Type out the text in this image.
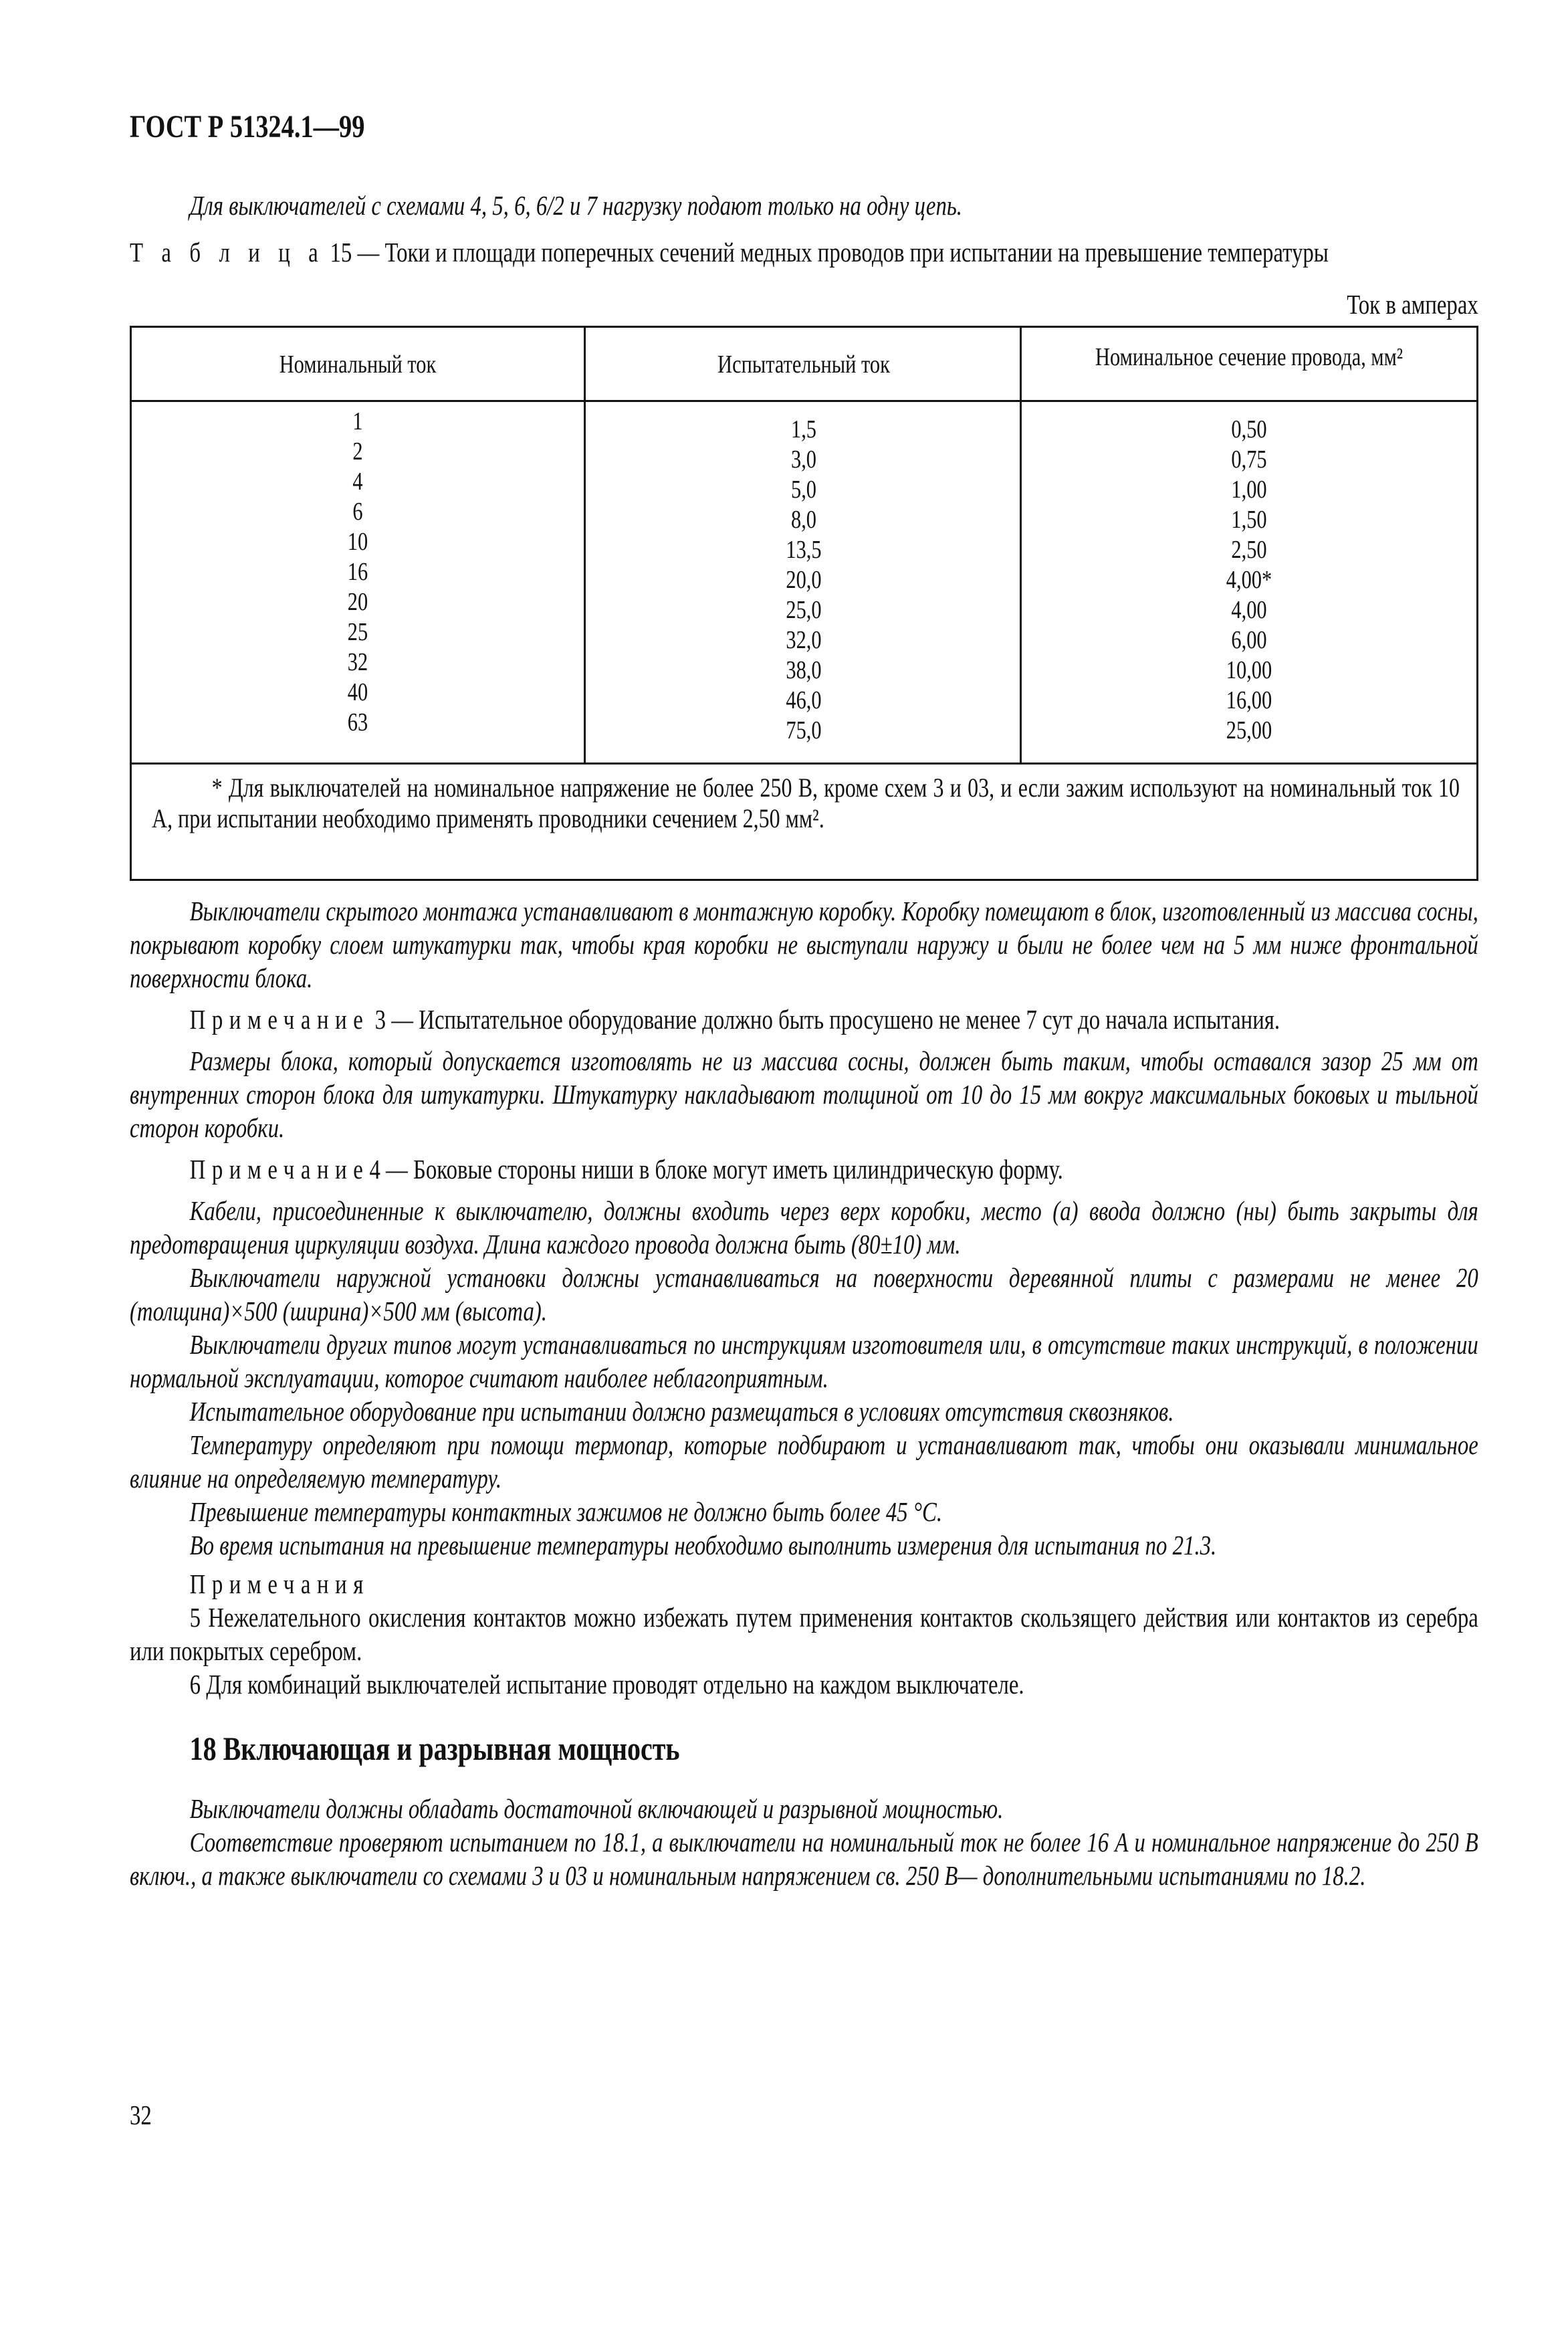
ГОСТ Р 51324.1—99

Для выключателей с схемами 4, 5, 6, 6/2 и 7 нагрузку подают только на одну цепь.

Т а б л и ц а 15 — Токи и площади поперечных сечений медных проводов при испытании на превышение температуры
Ток в амперах
Номинальный ток	Испытательный ток	Номинальное сечение провода, мм²
1
2
4
6
10
16
20
25
32
40
63
1,5
3,0
5,0
8,0
13,5
20,0
25,0
32,0
38,0
46,0
75,0
0,50
0,75
1,00
1,50
2,50
4,00*
4,00
6,00
10,00
16,00
25,00

* Для выключателей на номинальное напряжение не более 250 В, кроме схем 3 и 03, и если зажим используют на номинальный ток 10 А, при испытании необходимо применять проводники сечением 2,50 мм².

Выключатели скрытого монтажа устанавливают в монтажную коробку. Коробку помещают в блок, изготовленный из массива сосны, покрывают коробку слоем штукатурки так, чтобы края коробки не выступали наружу и были не более чем на 5 мм ниже фронтальной поверхности блока.

Примечание 3 — Испытательное оборудование должно быть просушено не менее 7 сут до начала испытания.

Размеры блока, который допускается изготовлять не из массива сосны, должен быть таким, чтобы оставался зазор 25 мм от внутренних сторон блока для штукатурки. Штукатурку накладывают толщиной от 10 до 15 мм вокруг максимальных боковых и тыльной сторон коробки.

Примечание4 — Боковые стороны ниши в блоке могут иметь цилиндрическую форму.

Кабели, присоединенные к выключателю, должны входить через верх коробки, место (а) ввода должно (ны) быть закрыты для предотвращения циркуляции воздуха. Длина каждого провода должна быть (80±10) мм.

Выключатели наружной установки должны устанавливаться на поверхности деревянной плиты с размерами не менее 20 (толщина)×500 (ширина)×500 мм (высота).

Выключатели других типов могут устанавливаться по инструкциям изготовителя или, в отсутствие таких инструкций, в положении нормальной эксплуатации, которое считают наиболее неблагоприятным.

Испытательное оборудование при испытании должно размещаться в условиях отсутствия сквозняков.

Температуру определяют при помощи термопар, которые подбирают и устанавливают так, чтобы они оказывали минимальное влияние на определяемую температуру.

Превышение температуры контактных зажимов не должно быть более 45 °С.

Во время испытания на превышение температуры необходимо выполнить измерения для испытания по 21.3.

Примечания

5 Нежелательного окисления контактов можно избежать путем применения контактов скользящего действия или контактов из серебра или покрытых серебром.

6 Для комбинаций выключателей испытание проводят отдельно на каждом выключателе.

18 Включающая и разрывная мощность

Выключатели должны обладать достаточной включающей и разрывной мощностью.

Соответствие проверяют испытанием по 18.1, а выключатели на номинальный ток не более 16 А и номинальное напряжение до 250 В включ., а также выключатели со схемами 3 и 03 и номинальным напряжением св. 250 В— дополнительными испытаниями по 18.2.

32
